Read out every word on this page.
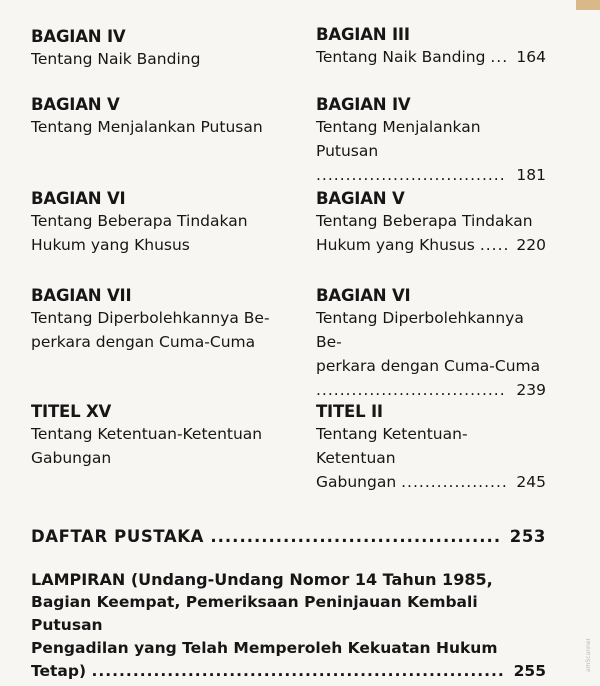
BAGIAN IV
Tentang Naik Banding
BAGIAN V
Tentang Menjalankan Putusan
BAGIAN VI
Tentang Beberapa Tindakan
Hukum yang Khusus
BAGIAN VII
Tentang Diperbolehkannya Be-
perkara dengan Cuma-Cuma
TITEL XV
Tentang Ketentuan-Ketentuan
Gabungan
BAGIAN III
Tentang Naik Banding ... 164
BAGIAN IV
Tentang Menjalankan Putusan
................................ 181
BAGIAN V
Tentang Beberapa Tindakan
Hukum yang Khusus ..... 220
BAGIAN VI
Tentang Diperbolehkannya Be-
perkara dengan Cuma-Cuma
................................ 239
TITEL II
Tentang Ketentuan-Ketentuan
Gabungan .................. 245
DAFTAR PUSTAKA ........................................ 253
LAMPIRAN (Undang-Undang Nomor 14 Tahun 1985,
Bagian Keempat, Pemeriksaan Peninjauan Kembali Putusan
Pengadilan yang Telah Memperoleh Kekuatan Hukum
Tetap) ............................................................ 255	amScanner
